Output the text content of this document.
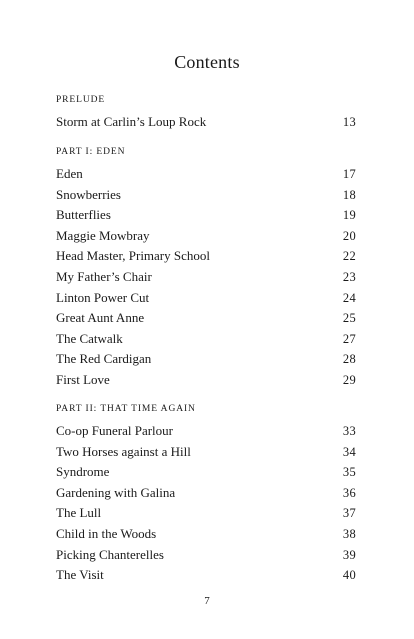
Contents
PRELUDE
Storm at Carlin’s Loup Rock	13
PART I: EDEN
Eden	17
Snowberries	18
Butterflies	19
Maggie Mowbray	20
Head Master, Primary School	22
My Father’s Chair	23
Linton Power Cut	24
Great Aunt Anne	25
The Catwalk	27
The Red Cardigan	28
First Love	29
PART II: THAT TIME AGAIN
Co-op Funeral Parlour	33
Two Horses against a Hill	34
Syndrome	35
Gardening with Galina	36
The Lull	37
Child in the Woods	38
Picking Chanterelles	39
The Visit	40
7
